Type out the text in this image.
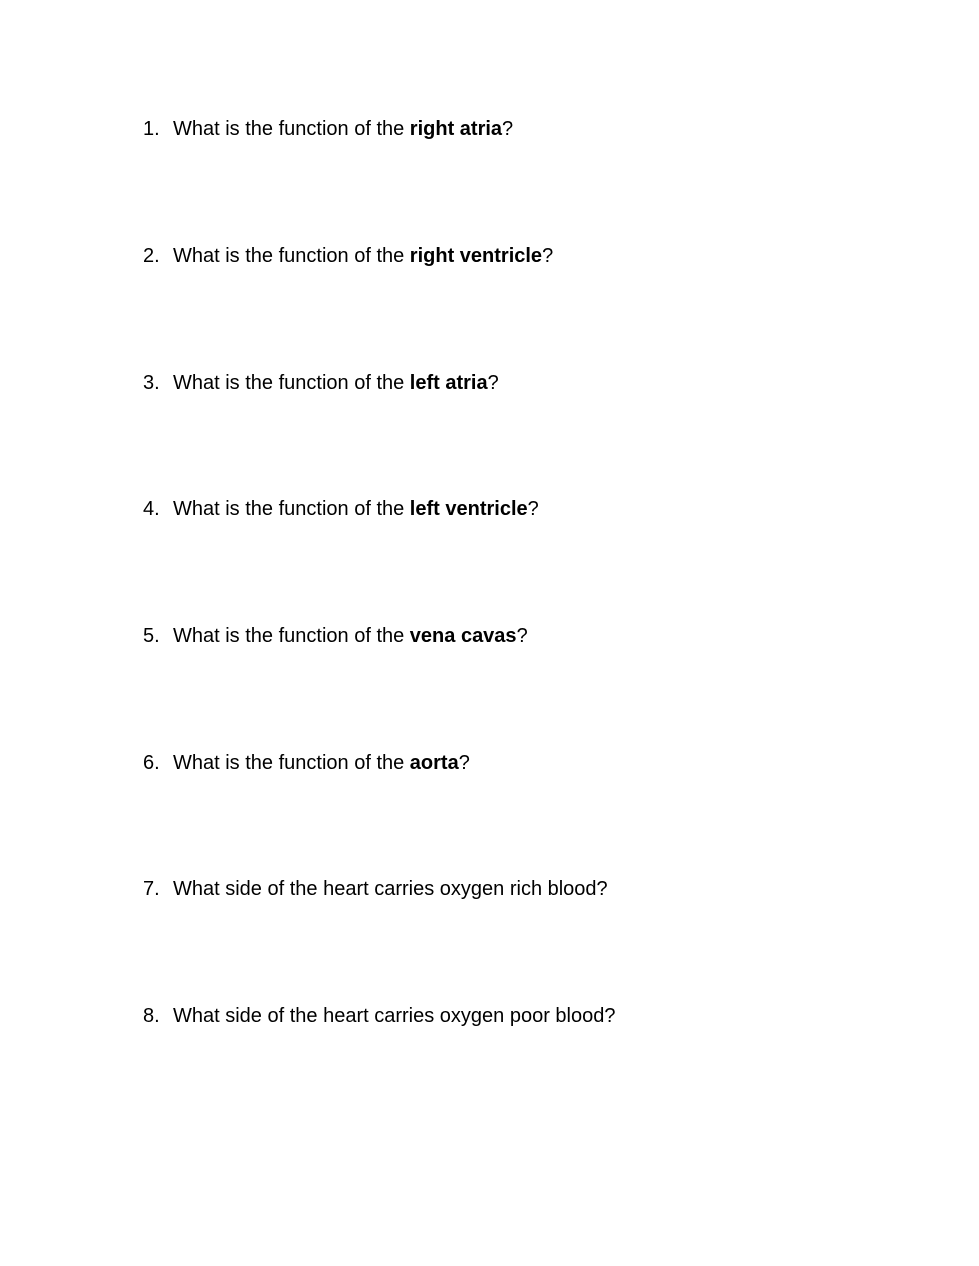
1. What is the function of the right atria?
2. What is the function of the right ventricle?
3. What is the function of the left atria?
4. What is the function of the left ventricle?
5. What is the function of the vena cavas?
6. What is the function of the aorta?
7. What side of the heart carries oxygen rich blood?
8. What side of the heart carries oxygen poor blood?
